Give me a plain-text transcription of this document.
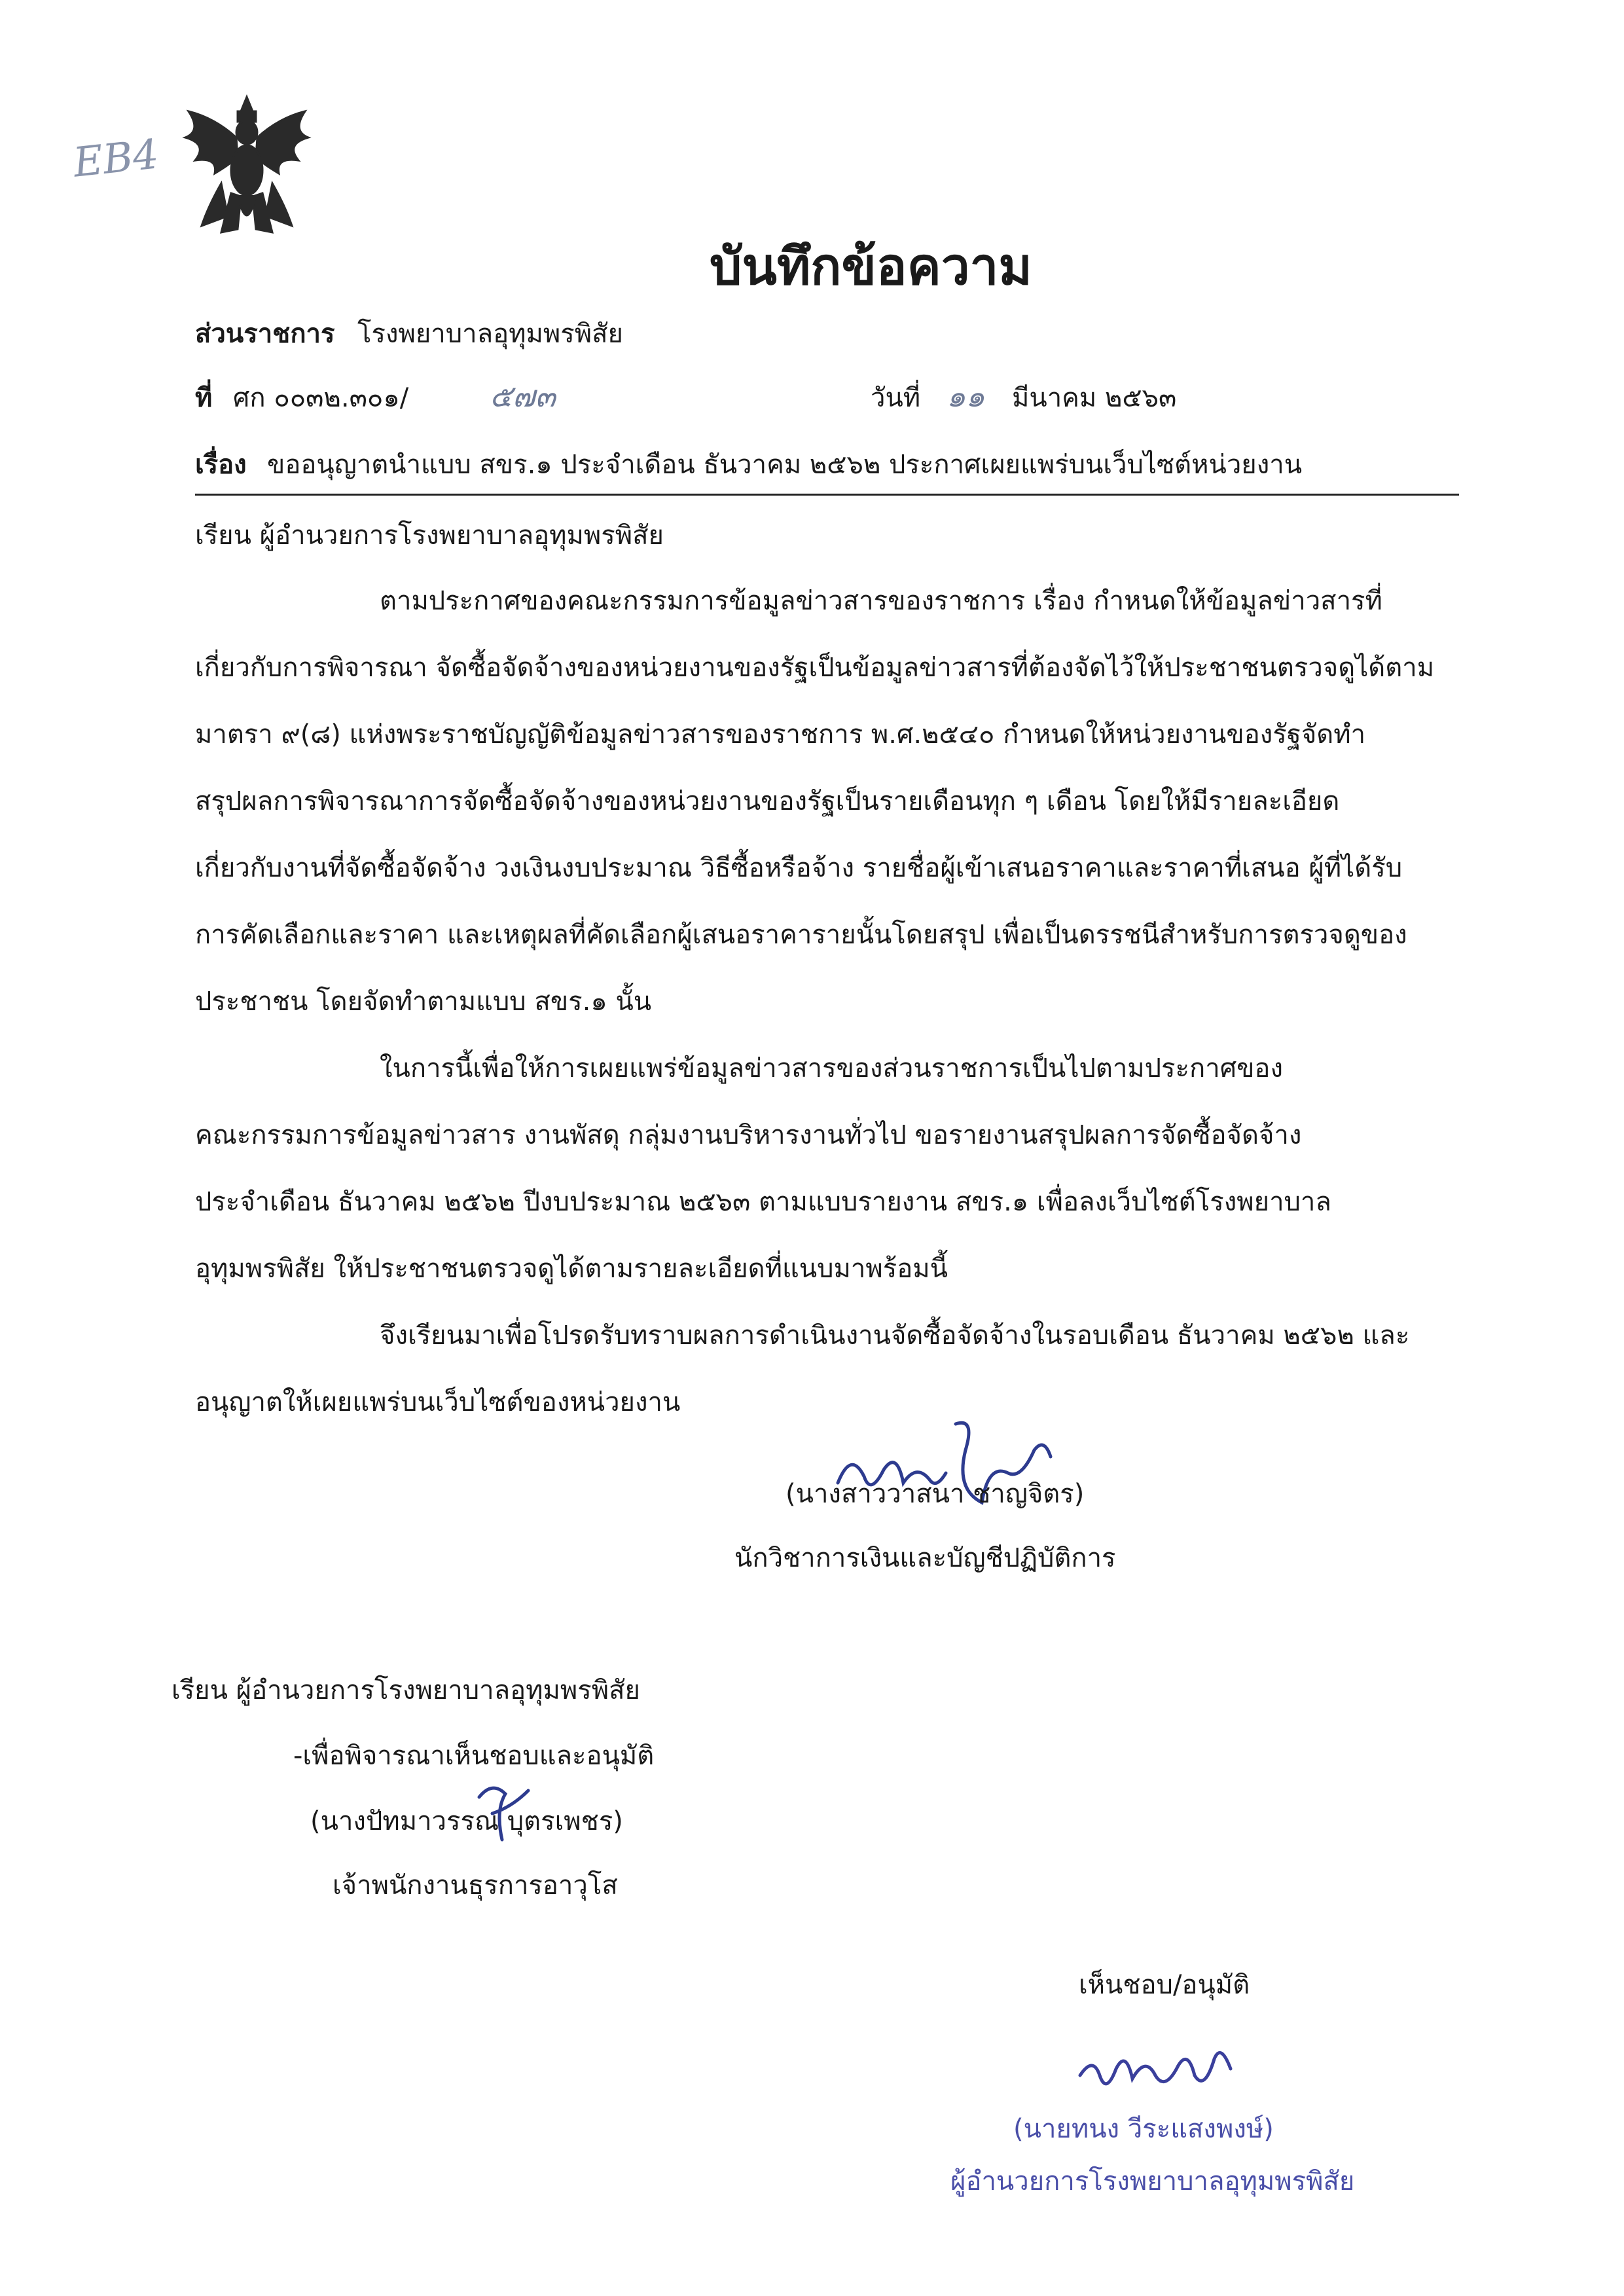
EB4
บันทึกข้อความ
ส่วนราชการ โรงพยาบาลอุทุมพรพิสัย
ที่ ศก ๐๐๓๒.๓๐๑/	๕๗๓	วันที่ ๑๑ มีนาคม ๒๕๖๓
เรื่อง ขออนุญาตนำแบบ สขร.๑ ประจำเดือน ธันวาคม ๒๕๖๒ ประกาศเผยแพร่บนเว็บไซต์หน่วยงาน
เรียน ผู้อำนวยการโรงพยาบาลอุทุมพรพิสัย
ตามประกาศของคณะกรรมการข้อมูลข่าวสารของราชการ เรื่อง กำหนดให้ข้อมูลข่าวสารที่
เกี่ยวกับการพิจารณา จัดซื้อจัดจ้างของหน่วยงานของรัฐเป็นข้อมูลข่าวสารที่ต้องจัดไว้ให้ประชาชนตรวจดูได้ตาม
มาตรา ๙(๘) แห่งพระราชบัญญัติข้อมูลข่าวสารของราชการ พ.ศ.๒๕๔๐ กำหนดให้หน่วยงานของรัฐจัดทำ
สรุปผลการพิจารณาการจัดซื้อจัดจ้างของหน่วยงานของรัฐเป็นรายเดือนทุก ๆ เดือน โดยให้มีรายละเอียด
เกี่ยวกับงานที่จัดซื้อจัดจ้าง วงเงินงบประมาณ วิธีซื้อหรือจ้าง รายชื่อผู้เข้าเสนอราคาและราคาที่เสนอ ผู้ที่ได้รับ
การคัดเลือกและราคา และเหตุผลที่คัดเลือกผู้เสนอราคารายนั้นโดยสรุป เพื่อเป็นดรรชนีสำหรับการตรวจดูของ
ประชาชน โดยจัดทำตามแบบ สขร.๑ นั้น
ในการนี้เพื่อให้การเผยแพร่ข้อมูลข่าวสารของส่วนราชการเป็นไปตามประกาศของ
คณะกรรมการข้อมูลข่าวสาร งานพัสดุ กลุ่มงานบริหารงานทั่วไป ขอรายงานสรุปผลการจัดซื้อจัดจ้าง
ประจำเดือน ธันวาคม ๒๕๖๒ ปีงบประมาณ ๒๕๖๓ ตามแบบรายงาน สขร.๑ เพื่อลงเว็บไซต์โรงพยาบาล
อุทุมพรพิสัย ให้ประชาชนตรวจดูได้ตามรายละเอียดที่แนบมาพร้อมนี้
จึงเรียนมาเพื่อโปรดรับทราบผลการดำเนินงานจัดซื้อจัดจ้างในรอบเดือน ธันวาคม ๒๕๖๒ และ
อนุญาตให้เผยแพร่บนเว็บไซต์ของหน่วยงาน
(นางสาววาสนา ชาญจิตร)
นักวิชาการเงินและบัญชีปฏิบัติการ
เรียน ผู้อำนวยการโรงพยาบาลอุทุมพรพิสัย
-เพื่อพิจารณาเห็นชอบและอนุมัติ
(นางปัทมาวรรณ บุตรเพชร)
เจ้าพนักงานธุรการอาวุโส
เห็นชอบ/อนุมัติ
(นายทนง วีระแสงพงษ์)
ผู้อำนวยการโรงพยาบาลอุทุมพรพิสัย
